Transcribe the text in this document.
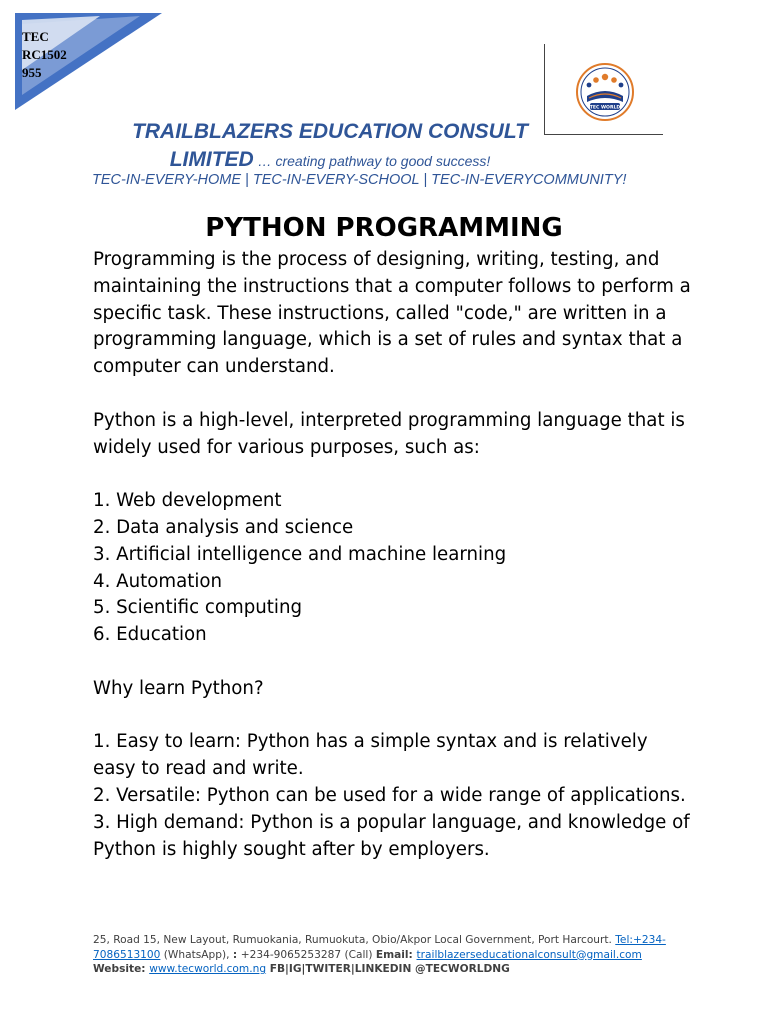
TEC
RC1502
955
TEC WORLD
TRAILBLAZERS EDUCATION CONSULT
LIMITED … creating pathway to good success!
TEC-IN-EVERY-HOME | TEC-IN-EVERY-SCHOOL | TEC-IN-EVERYCOMMUNITY!
PYTHON PROGRAMMING

Programming is the process of designing, writing, testing, and maintaining the instructions that a computer follows to perform a specific task. These instructions, called "code," are written in a programming language, which is a set of rules and syntax that a computer can understand.

Python is a high-level, interpreted programming language that is widely used for various purposes, such as:

1. Web development

2. Data analysis and science

3. Artificial intelligence and machine learning

4. Automation

5. Scientific computing

6. Education

Why learn Python?

1. Easy to learn: Python has a simple syntax and is relatively easy to read and write.

2. Versatile: Python can be used for a wide range of applications.

3. High demand: Python is a popular language, and knowledge of Python is highly sought after by employers.

25, Road 15, New Layout, Rumuokania, Rumuokuta, Obio/Akpor Local Government, Port Harcourt. Tel:+234-7086513100 (WhatsApp), : +234-9065253287 (Call) Email: trailblazerseducationalconsult@gmail.com
Website: www.tecworld.com.ng FB|IG|TWITER|LINKEDIN @TECWORLDNG
